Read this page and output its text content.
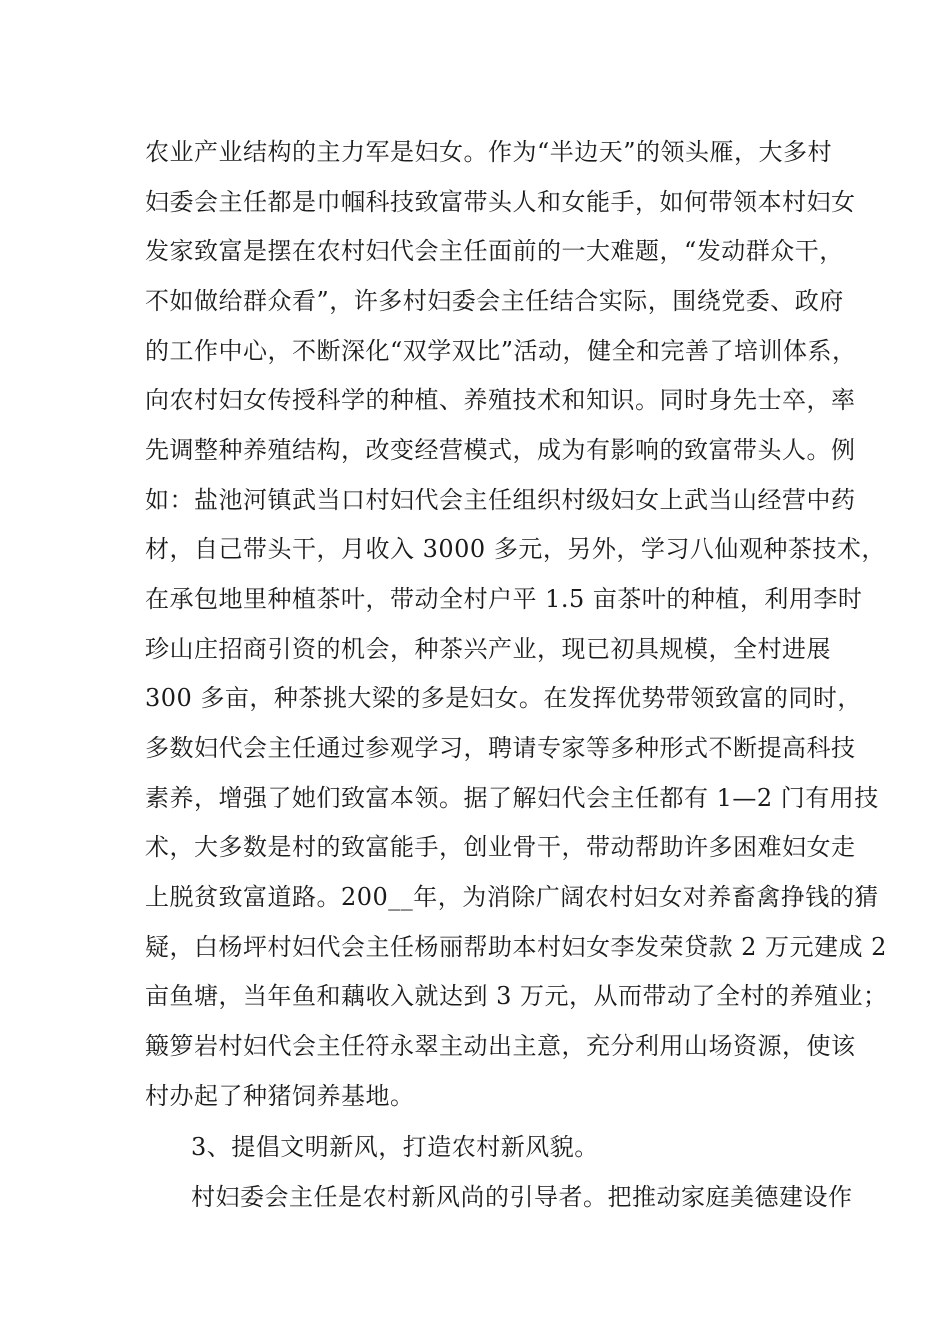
农业产业结构的主力军是妇女。作为“半边天”的领头雁，大多村
妇委会主任都是巾帼科技致富带头人和女能手，如何带领本村妇女
发家致富是摆在农村妇代会主任面前的一大难题，“发动群众干，
不如做给群众看”，许多村妇委会主任结合实际，围绕党委、政府
的工作中心，不断深化“双学双比”活动，健全和完善了培训体系，
向农村妇女传授科学的种植、养殖技术和知识。同时身先士卒，率
先调整种养殖结构，改变经营模式，成为有影响的致富带头人。例
如：盐池河镇武当口村妇代会主任组织村级妇女上武当山经营中药
材，自己带头干，月收入 3000 多元，另外，学习八仙观种茶技术，
在承包地里种植茶叶，带动全村户平 1.5 亩茶叶的种植，利用李时
珍山庄招商引资的机会，种茶兴产业，现已初具规模，全村进展
300 多亩，种茶挑大梁的多是妇女。在发挥优势带领致富的同时，
多数妇代会主任通过参观学习，聘请专家等多种形式不断提高科技
素养，增强了她们致富本领。据了解妇代会主任都有 1—2 门有用技
术，大多数是村的致富能手，创业骨干，带动帮助许多困难妇女走
上脱贫致富道路。200__年，为消除广阔农村妇女对养畜禽挣钱的猜
疑，白杨坪村妇代会主任杨丽帮助本村妇女李发荣贷款 2 万元建成 2
亩鱼塘，当年鱼和藕收入就达到 3 万元，从而带动了全村的养殖业；
簸箩岩村妇代会主任符永翠主动出主意，充分利用山场资源，使该
村办起了种猪饲养基地。
3、提倡文明新风，打造农村新风貌。
村妇委会主任是农村新风尚的引导者。把推动家庭美德建设作
